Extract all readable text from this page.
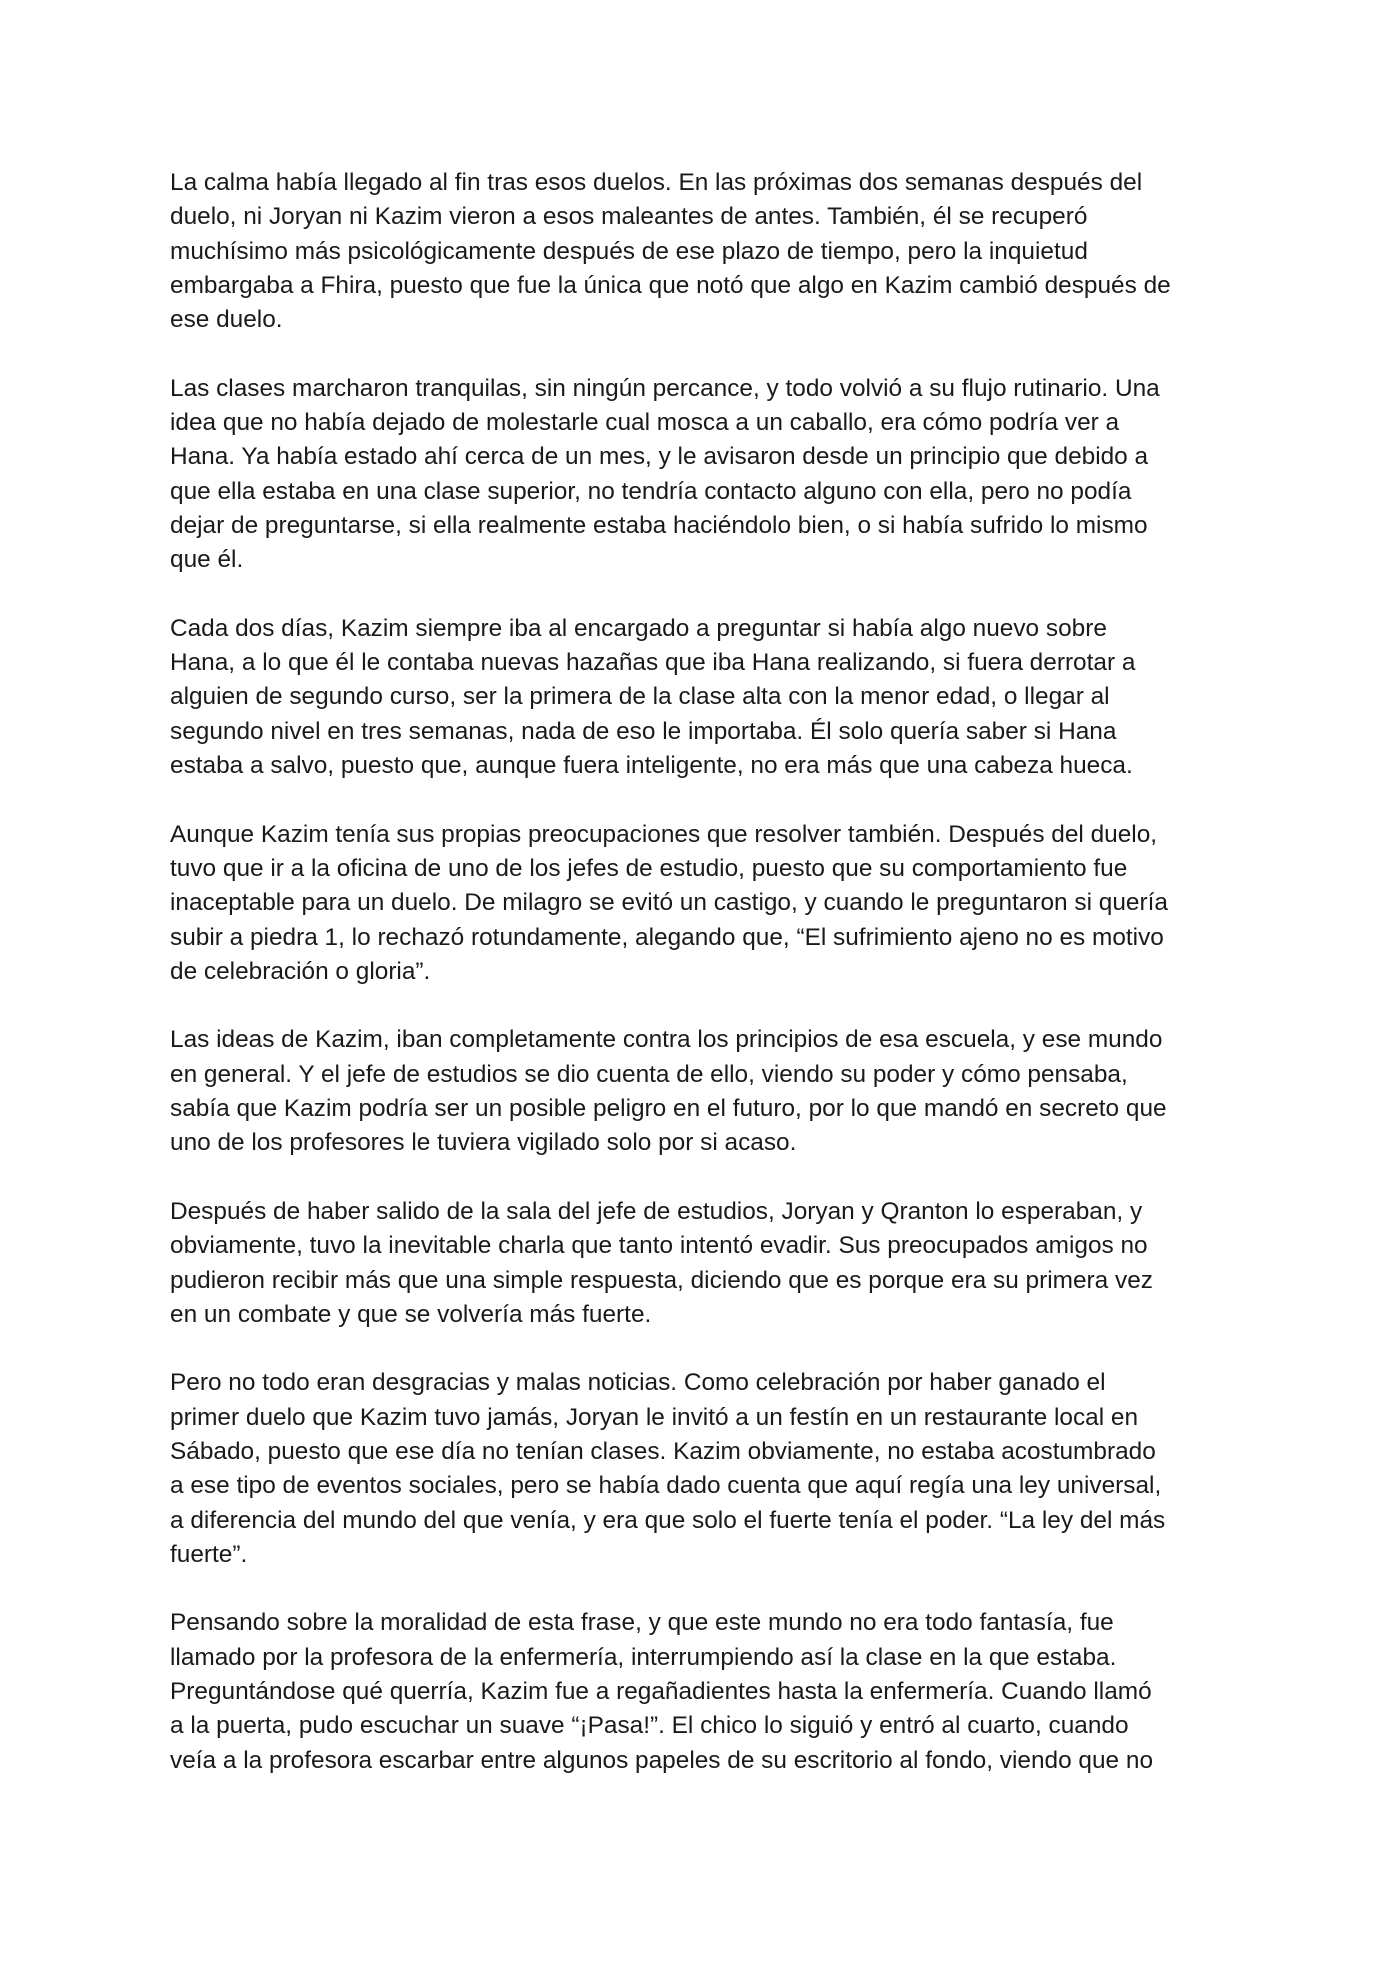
La calma había llegado al fin tras esos duelos. En las próximas dos semanas después del
duelo, ni Joryan ni Kazim vieron a esos maleantes de antes. También, él se recuperó
muchísimo más psicológicamente después de ese plazo de tiempo, pero la inquietud
embargaba a Fhira, puesto que fue la única que notó que algo en Kazim cambió después de
ese duelo.

Las clases marcharon tranquilas, sin ningún percance, y todo volvió a su flujo rutinario. Una
idea que no había dejado de molestarle cual mosca a un caballo, era cómo podría ver a
Hana. Ya había estado ahí cerca de un mes, y le avisaron desde un principio que debido a
que ella estaba en una clase superior, no tendría contacto alguno con ella, pero no podía
dejar de preguntarse, si ella realmente estaba haciéndolo bien, o si había sufrido lo mismo
que él.

Cada dos días, Kazim siempre iba al encargado a preguntar si había algo nuevo sobre
Hana, a lo que él le contaba nuevas hazañas que iba Hana realizando, si fuera derrotar a
alguien de segundo curso, ser la primera de la clase alta con la menor edad, o llegar al
segundo nivel en tres semanas, nada de eso le importaba. Él solo quería saber si Hana
estaba a salvo, puesto que, aunque fuera inteligente, no era más que una cabeza hueca.

Aunque Kazim tenía sus propias preocupaciones que resolver también. Después del duelo,
tuvo que ir a la oficina de uno de los jefes de estudio, puesto que su comportamiento fue
inaceptable para un duelo. De milagro se evitó un castigo, y cuando le preguntaron si quería
subir a piedra 1, lo rechazó rotundamente, alegando que, “El sufrimiento ajeno no es motivo
de celebración o gloria”.

Las ideas de Kazim, iban completamente contra los principios de esa escuela, y ese mundo
en general. Y el jefe de estudios se dio cuenta de ello, viendo su poder y cómo pensaba,
sabía que Kazim podría ser un posible peligro en el futuro, por lo que mandó en secreto que
uno de los profesores le tuviera vigilado solo por si acaso.

Después de haber salido de la sala del jefe de estudios, Joryan y Qranton lo esperaban, y
obviamente, tuvo la inevitable charla que tanto intentó evadir. Sus preocupados amigos no
pudieron recibir más que una simple respuesta, diciendo que es porque era su primera vez
en un combate y que se volvería más fuerte.

Pero no todo eran desgracias y malas noticias. Como celebración por haber ganado el
primer duelo que Kazim tuvo jamás, Joryan le invitó a un festín en un restaurante local en
Sábado, puesto que ese día no tenían clases. Kazim obviamente, no estaba acostumbrado
a ese tipo de eventos sociales, pero se había dado cuenta que aquí regía una ley universal,
a diferencia del mundo del que venía, y era que solo el fuerte tenía el poder. “La ley del más
fuerte”.

Pensando sobre la moralidad de esta frase, y que este mundo no era todo fantasía, fue
llamado por la profesora de la enfermería, interrumpiendo así la clase en la que estaba.
Preguntándose qué querría, Kazim fue a regañadientes hasta la enfermería. Cuando llamó
a la puerta, pudo escuchar un suave “¡Pasa!”. El chico lo siguió y entró al cuarto, cuando
veía a la profesora escarbar entre algunos papeles de su escritorio al fondo, viendo que no
